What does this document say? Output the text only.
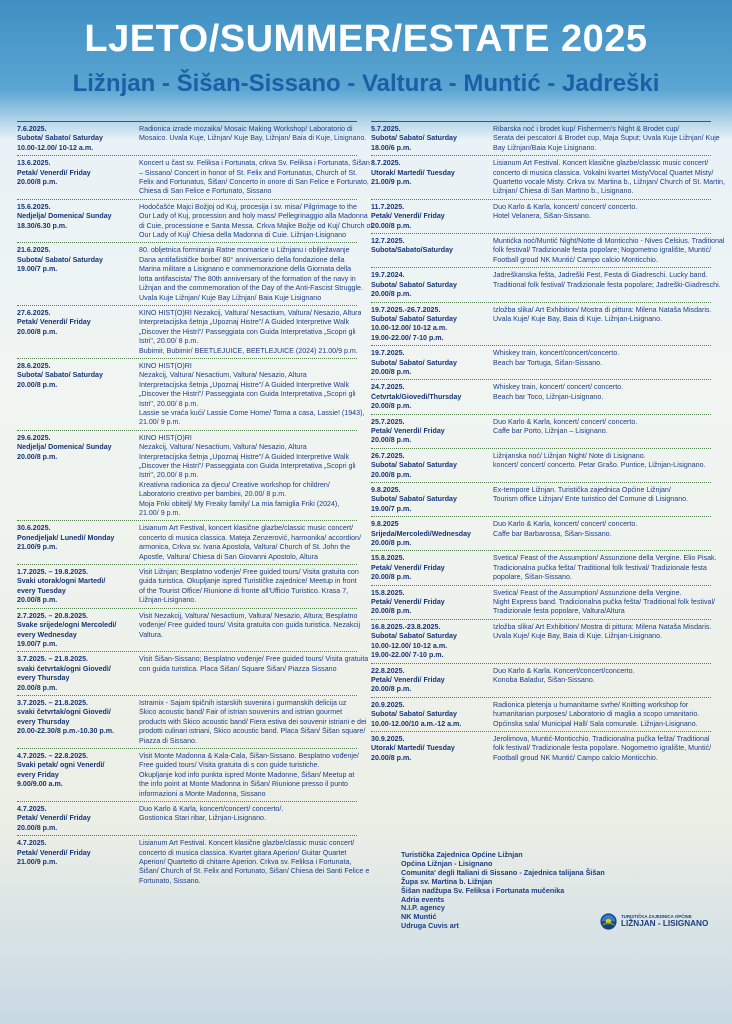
LJETO/SUMMER/ESTATE 2025
Ližnjan - Šišan-Sissano - Valtura - Muntić - Jadreški
7.6.2025.
Subota/ Sabato/ Saturday
10.00-12.00/ 10-12 a.m.
Radionica izrade mozaika/ Mosaic Making Workshop/ Laboratorio di
Mosaico. Uvala Kuje, Ližnjan/ Kuje Bay, Ližnjan/ Baia di Kuje, Lisignano.
13.6.2025.
Petak/ Venerdì/ Friday
20.00/8 p.m.
Koncert u čast sv. Feliksa i Fortunata, crkva Sv. Feliksa i Fortunata, Šišan
– Sissano/ Concert in honor of St. Felix and Fortunatus, Church of St.
Felix and Fortunatus, Šišan/ Concerto in onore di San Felice e Fortunato,
Chiesa di San Felice e Fortunato, Sissano
15.6.2025.
Nedjelja/ Domenica/ Sunday
18.30/6.30 p.m.
Hodočašće Majci Božjoj od Kuj, procesija i sv. misa/ Pilgrimage to the
Our Lady of Kuj, procession and holy mass/ Pellegrinaggio alla Madonna
di Cuie, processione e Santa Messa. Crkva Majke Božje od Kuj/ Church of
Our Lady of Kuj/ Chiesa della Madonna di Cuie. Ližnjan-Lisignano
21.6.2025.
Subota/ Sabato/ Saturday
19.00/7 p.m.
80. obljetnica formiranja Ratne mornarice u Ližnjanu i obilježavanje
Dana antifašističke borbe/ 80° anniversario della fondazione della
Marina militare a Lisignano e commemorazione della Giornata della
lotta antifascista/ The 80th anniversary of the formation of the navy in
Ližnjan and the commemoration of the Day of the Anti-Fascist Struggle.
Uvala Kuje Ližnjan/ Kuje Bay Ližnjan/ Baia Kuje Lisignano
27.6.2025.
Petak/ Venerdì/ Friday
20.00/8 p.m.
KINO HIST(O)RI Nezakcij, Valtura/ Nesactium, Valtura/ Nesazio, Altura
Interpretacijska šetnja „Upoznaj Histre"/ A Guided Interpretive Walk
„Discover the Histri"/ Passeggiata con Guida Interpretativa „Scopri gli
Istri", 20.00/ 8 p.m.
Bubimir, Bubimir/ BEETLEJUICE, BEETLEJUICE (2024) 21.00/9 p.m.
28.6.2025.
Subota/ Sabato/ Saturday
20.00/8 p.m.
KINO HIST(O)RI
Nezakcij, Valtura/ Nesactium, Valtura/ Nesazio, Altura
Interpretacijska šetnja „Upoznaj Histre"/ A Guided Interpretive Walk
„Discover the Histri"/ Passeggiata con Guida Interpretativa „Scopri gli
Istri", 20.00/ 8 p.m.
Lassie se vraća kući/ Lassie Come Home/ Torna a casa, Lassie! (1943),
21.00/ 9 p.m.
29.6.2025.
Nedjelja/ Domenica/ Sunday
20.00/8 p.m.
KINO HIST(O)RI
Nezakcij, Valtura/ Nesactium, Valtura/ Nesazio, Altura
Interpretacijska šetnja „Upoznaj Histre"/ A Guided Interpretive Walk
„Discover the Histri"/ Passeggiata con Guida Interpretativa „Scopri gli
Istri", 20.00/ 8 p.m.
Kreativna radionica za djecu/ Creative workshop for children/
Laboratorio creativo per bambini, 20.00/ 8 p.m.
Moja Friki obitelj/ My Freaky family/ La mia famiglia Friki (2024),
21.00/ 9 p.m.
30.6.2025.
Ponedjeljak/ Lunedì/ Monday
21.00/9 p.m.
Lisianum Art Festival, koncert klasične glazbe/classic music concert/
concerto di musica classica. Mateja Zenzerović, harmonika/ accordion/
armonica, Crkva sv. Ivana Apostola, Valtura/ Church of St. John the
Apostle, Valtura/ Chiesa di San Giovanni Apostolo, Altura
1.7.2025. – 19.8.2025.
Svaki utorak/ogni Martedì/
every Tuesday
20.00/8 p.m.
Visit Ližnjan; Besplatno vođenje/ Free guided tours/ Visita gratuita con
guida turistica. Okupljanje ispred Turističke zajednice/ Meetup in front
of the Tourist Office/ Riunione di fronte all'Ufficio Turistico. Krasa 7,
Ližnjan-Lisignano.
2.7.2025. – 20.8.2025.
Svake srijede/ogni Mercoledì/
every Wednesday
19.00/7 p.m.
Visit Nezakcij, Valtura/ Nesactium, Valtura/ Nesazio, Altura; Besplatno
vođenje/ Free guided tours/ Visita gratuita con guida turistica. Nezakcij
Valtura.
3.7.2025. – 21.8.2025.
svaki četvrtak/ogni Giovedì/
every Thursday
20.00/8 p.m.
Visit Šišan-Sissano; Besplatno vođenje/ Free guided tours/ Visita gratuita
con guida turistica. Placa Šišan/ Square Šišan/ Piazza Sissano
3.7.2025. – 21.8.2025.
svaki četvrtak/ogni Giovedì/
every Thursday
20.00-22.30/8 p.m.-10.30 p.m.
Istramix - Sajam tipičnih istarskih suvenira i gurmanskih delicija uz
Škico acoustic band/ Fair of istrian souvenirs and istrian gourmet
products with Škico acoustic band/ Fiera estiva dei souvenir istriani e dei
prodotti culinari istriani, Škico acoustic band. Placa Šišan/ Šišan square/
Piazza di Sissano.
4.7.2025. – 22.8.2025.
Svaki petak/ ogni Venerdì/
every Friday
9.00/9.00 a.m.
Visit Monte Madonna & Kala-Cala, Šišan-Sissano. Besplatno vođenje/
Free guided tours/ Visita gratuita di s con guide turistiche.
Okupljanje kod info punkta ispred Monte Madonne, Šišan/ Meetup at
the info point at Monte Madonna in Šišan/ Riunione presso il punto
informazioni a Monte Madonna, Sissano
4.7.2025.
Petak/ Venerdì/ Friday
20.00/8 p.m.
Duo Karlo & Karla, koncert/concert/ concerto/.
Gostionica Stari ribar, Ližnjan-Lisignano.
4.7.2025.
Petak/ Venerdì/ Friday
21.00/9 p.m.
Lisianum Art Festival. Koncert klasične glazbe/classic music concert/
concerto di musica classica. Kvartet gitara Aperion/ Guitar Quartet
Aperion/ Quartetto di chitarre Aperion. Crkva sv. Feliksa i Fortunata,
Šišan/ Church of St. Felix and Fortunato, Šišan/ Chiesa dei Santi Felice e
Fortunato, Sissano.
5.7.2025.
Subota/ Sabato/ Saturday
18.00/6 p.m.
Ribarska noć i brodet kup/ Fishermen's Night & Brodet cup/
Serata dei pescatori & Brodet cup, Maja Šuput; Uvala Kuje Ližnjan/ Kuje
Bay Ližnjan/Baia Kuje Lisignano.
8.7.2025.
Utorak/ Martedì/ Tuesday
21.00/9 p.m.
Lisianum Art Festival. Koncert klasične glazbe/classic music concert/
concerto di musica classica. Vokalni kvartet Misty/Vocal Quartet Misty/
Quartetto vocale Misty. Crkva sv. Martina b., Ližnjan/ Church of St. Martin,
Ližnjan/ Chiesa di San Martino b., Lisignano.
11.7.2025.
Petak/ Venerdì/ Friday
20.00/8 p.m.
Duo Karlo & Karla, koncert/ concert/ concerto.
Hotel Velanera, Šišan-Sissano.
12.7.2025.
Subota/Sabato/Saturday
Muntićka noć/Muntić Night/Notte di Monticchio - Nives Čelsius. Traditional
folk festival/ Tradizionale festa popolare; Nogometno igralište, Muntić/
Football groud NK Muntić/ Campo calcio Monticchio.
19.7.2024.
Subota/ Sabato/ Saturday
20.00/8 p.m.
Jadreškanska fešta, Jadreški Fest, Festa di Giadreschi. Lucky band.
Traditional folk festival/ Tradizionale festa popolare; Jadreški-Giadreschi.
19.7.2025.-26.7.2025.
Subota/ Sabato/ Saturday
10.00-12.00/ 10-12 a.m.
19.00-22.00/ 7-10 p.m.
Izložba slika/ Art Exhibition/ Mostra di pittura: Milena Nataša Misdaris.
Uvala Kuje/ Kuje Bay, Baia di Kuje. Ližnjan-Lisignano.
19.7.2025.
Subota/ Sabato/ Saturday
20.00/8 p.m.
Whiskey train, koncert/concert/concerto.
Beach bar Tortuga, Šišan-Sissano.
24.7.2025.
Četvrtak/Giovedì/Thursday
20.00/8 p.m.
Whiskey train, koncert/ concert/ concerto.
Beach bar Toco, Ližnjan-Lisignano.
25.7.2025.
Petak/ Venerdì/ Friday
20.00/8 p.m.
Duo Karlo & Karla, koncert/ concert/ concerto.
Caffe bar Porto, Ližnjan – Lisignano.
26.7.2025.
Subota/ Sabato/ Saturday
20.00/8 p.m.
Ližnjanska noć/ Ližnjan Night/ Note di Lisignano.
koncert/ concert/ concerto. Petar Grašo. Puntice, Ližnjan-Lisignano.
9.8.2025.
Subota/ Sabato/ Saturday
19.00/7 p.m.
Ex-tempore Ližnjan. Turistička zajednica Općine Ližnjan/
Tourism office Ližnjan/ Ente turistico del Comune di Lisignano.
9.8.2025
Srijeda/Mercoledì/Wednesday
20.00/8 p.m.
Duo Karlo & Karla, koncert/ concert/ concerto.
Caffe bar Barbarossa, Šišan-Sissano.
15.8.2025.
Petak/ Venerdì/ Friday
20.00/8 p.m.
Svetica/ Feast of the Assumption/ Assunzione della Vergine. Elio Pisak.
Tradicionalna pučka fešta/ Traditional folk festival/ Tradizionale festa
popolare, Šišan-Sissano.
15.8.2025.
Petak/ Venerdì/ Friday
20.00/8 p.m.
Svetica/ Feast of the Assumption/ Assunzione della Vergine.
Night Express band. Tradicionalna pučka fešta/ Traditional folk festival/
Tradizionale festa popolare, Valtura/Altura
16.8.2025.-23.8.2025.
Subota/ Sabato/ Saturday
10.00-12.00/ 10-12 a.m.
19.00-22.00/ 7-10 p.m.
Izložba slika/ Art Exhibition/ Mostra di pittura: Milena Nataša Misdaris.
Uvala Kuje/ Kuje Bay, Baia di Kuje. Ližnjan-Lisignano.
22.8.2025.
Petak/ Venerdì/ Friday
20.00/8 p.m.
Duo Karlo & Karla. Koncert/concert/concerto.
Konoba Baladur, Šišan-Sissano.
20.9.2025.
Subota/ Sabato/ Saturday
10.00-12.00/10 a.m.-12 a.m.
Radionica pletenja u humanitarne svrhe/ Knitting workshop for
humanitarian purposes/ Laboratorio di maglia a scopo umanitario.
Općinska sala/ Municipal Hall/ Sala comunale. Ližnjan-Lisignano.
30.9.2025.
Utorak/ Martedì/ Tuesday
20.00/8 p.m.
Jerolimova, Muntić-Monticchio. Tradicionalna pučka fešta/ Traditional
folk festival/ Tradizionale festa popolare. Nogometno igralište, Muntić/
Football groud NK Muntić/ Campo calcio Monticchio.
Turistička Zajednica Općine Ližnjan
Općina Ližnjan - Lisignano
Comunita' degli Italiani di Sissano - Zajednica talijana Šišan
Župa sv. Martina b. Ližnjan
Šišan nadžupa Sv. Feliksa i Fortunata mučenika
Adria events
N.I.P. agency
NK Muntić
Udruga Cuvis art
TURISTIČKA ZAJEDNICA OPĆINE
LIŽNJAN - LISIGNANO
